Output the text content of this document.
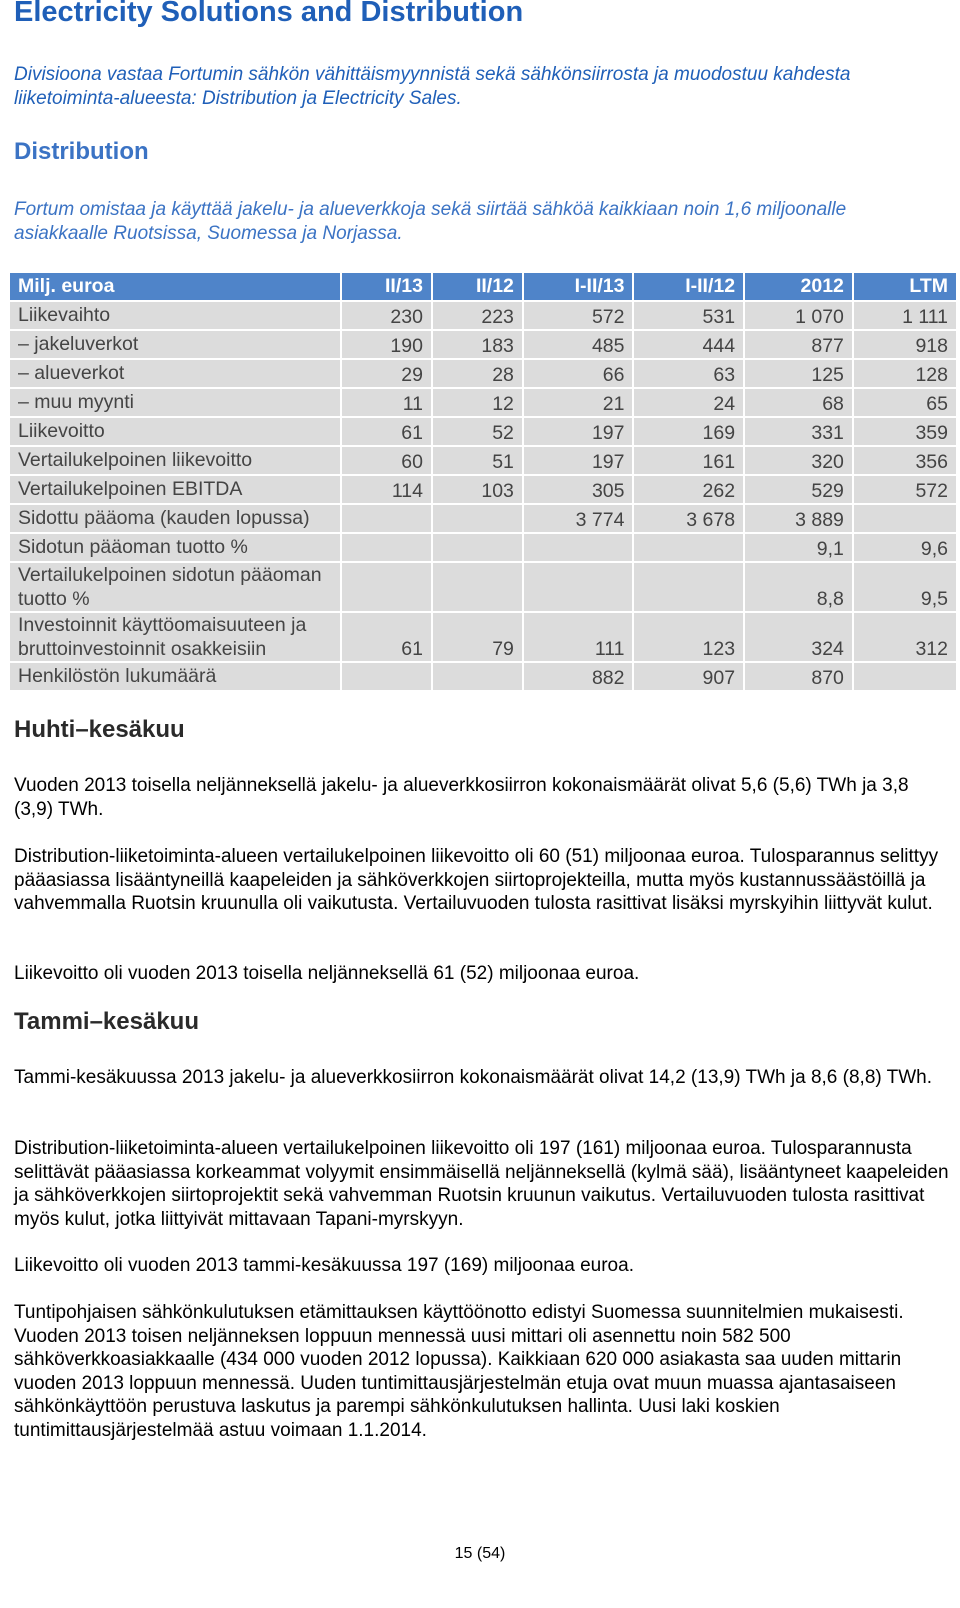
Electricity Solutions and Distribution
Divisioona vastaa Fortumin sähkön vähittäismyynnistä sekä sähkönsiirrosta ja muodostuu kahdesta liiketoiminta-alueesta: Distribution ja Electricity Sales.
Distribution
Fortum omistaa ja käyttää jakelu- ja alueverkkoja sekä siirtää sähköä kaikkiaan noin 1,6 miljoonalle asiakkaalle Ruotsissa, Suomessa ja Norjassa.
Milj. euroa	II/13	II/12	I-II/13	I-II/12	2012	LTM
Liikevaihto	230	223	572	531	1 070	1 111
– jakeluverkot	190	183	485	444	877	918
– alueverkot	29	28	66	63	125	128
– muu myynti	11	12	21	24	68	65
Liikevoitto	61	52	197	169	331	359
Vertailukelpoinen liikevoitto	60	51	197	161	320	356
Vertailukelpoinen EBITDA	114	103	305	262	529	572
Sidottu pääoma (kauden lopussa)			3 774	3 678	3 889	
Sidotun pääoman tuotto %					9,1	9,6
Vertailukelpoinen sidotun pääoman tuotto %					8,8	9,5
Investoinnit käyttöomaisuuteen ja bruttoinvestoinnit osakkeisiin	61	79	111	123	324	312
Henkilöstön lukumäärä			882	907	870	
Huhti–kesäkuu
Vuoden 2013 toisella neljänneksellä jakelu- ja alueverkkosiirron kokonaismäärät olivat 5,6 (5,6) TWh ja 3,8 (3,9) TWh.
Distribution-liiketoiminta-alueen vertailukelpoinen liikevoitto oli 60 (51) miljoonaa euroa. Tulosparannus selittyy pääasiassa lisääntyneillä kaapeleiden ja sähköverkkojen siirtoprojekteilla, mutta myös kustannussäästöillä ja vahvemmalla Ruotsin kruunulla oli vaikutusta. Vertailuvuoden tulosta rasittivat lisäksi myrskyihin liittyvät kulut.
Liikevoitto oli vuoden 2013 toisella neljänneksellä 61 (52) miljoonaa euroa.
Tammi–kesäkuu
Tammi-kesäkuussa 2013 jakelu- ja alueverkkosiirron kokonaismäärät olivat 14,2 (13,9) TWh ja 8,6 (8,8) TWh.
Distribution-liiketoiminta-alueen vertailukelpoinen liikevoitto oli 197 (161) miljoonaa euroa. Tulosparannusta selittävät pääasiassa korkeammat volyymit ensimmäisellä neljänneksellä (kylmä sää), lisääntyneet kaapeleiden ja sähköverkkojen siirtoprojektit sekä vahvemman Ruotsin kruunun vaikutus. Vertailuvuoden tulosta rasittivat myös kulut, jotka liittyivät mittavaan Tapani-myrskyyn.
Liikevoitto oli vuoden 2013 tammi-kesäkuussa 197 (169) miljoonaa euroa.
Tuntipohjaisen sähkönkulutuksen etämittauksen käyttöönotto edistyi Suomessa suunnitelmien mukaisesti. Vuoden 2013 toisen neljänneksen loppuun mennessä uusi mittari oli asennettu noin 582 500 sähköverkkoasiakkaalle (434 000 vuoden 2012 lopussa). Kaikkiaan 620 000 asiakasta saa uuden mittarin vuoden 2013 loppuun mennessä. Uuden tuntimittausjärjestelmän etuja ovat muun muassa ajantasaiseen sähkönkäyttöön perustuva laskutus ja parempi sähkönkulutuksen hallinta. Uusi laki koskien tuntimittausjärjestelmää astuu voimaan 1.1.2014.
15 (54)
